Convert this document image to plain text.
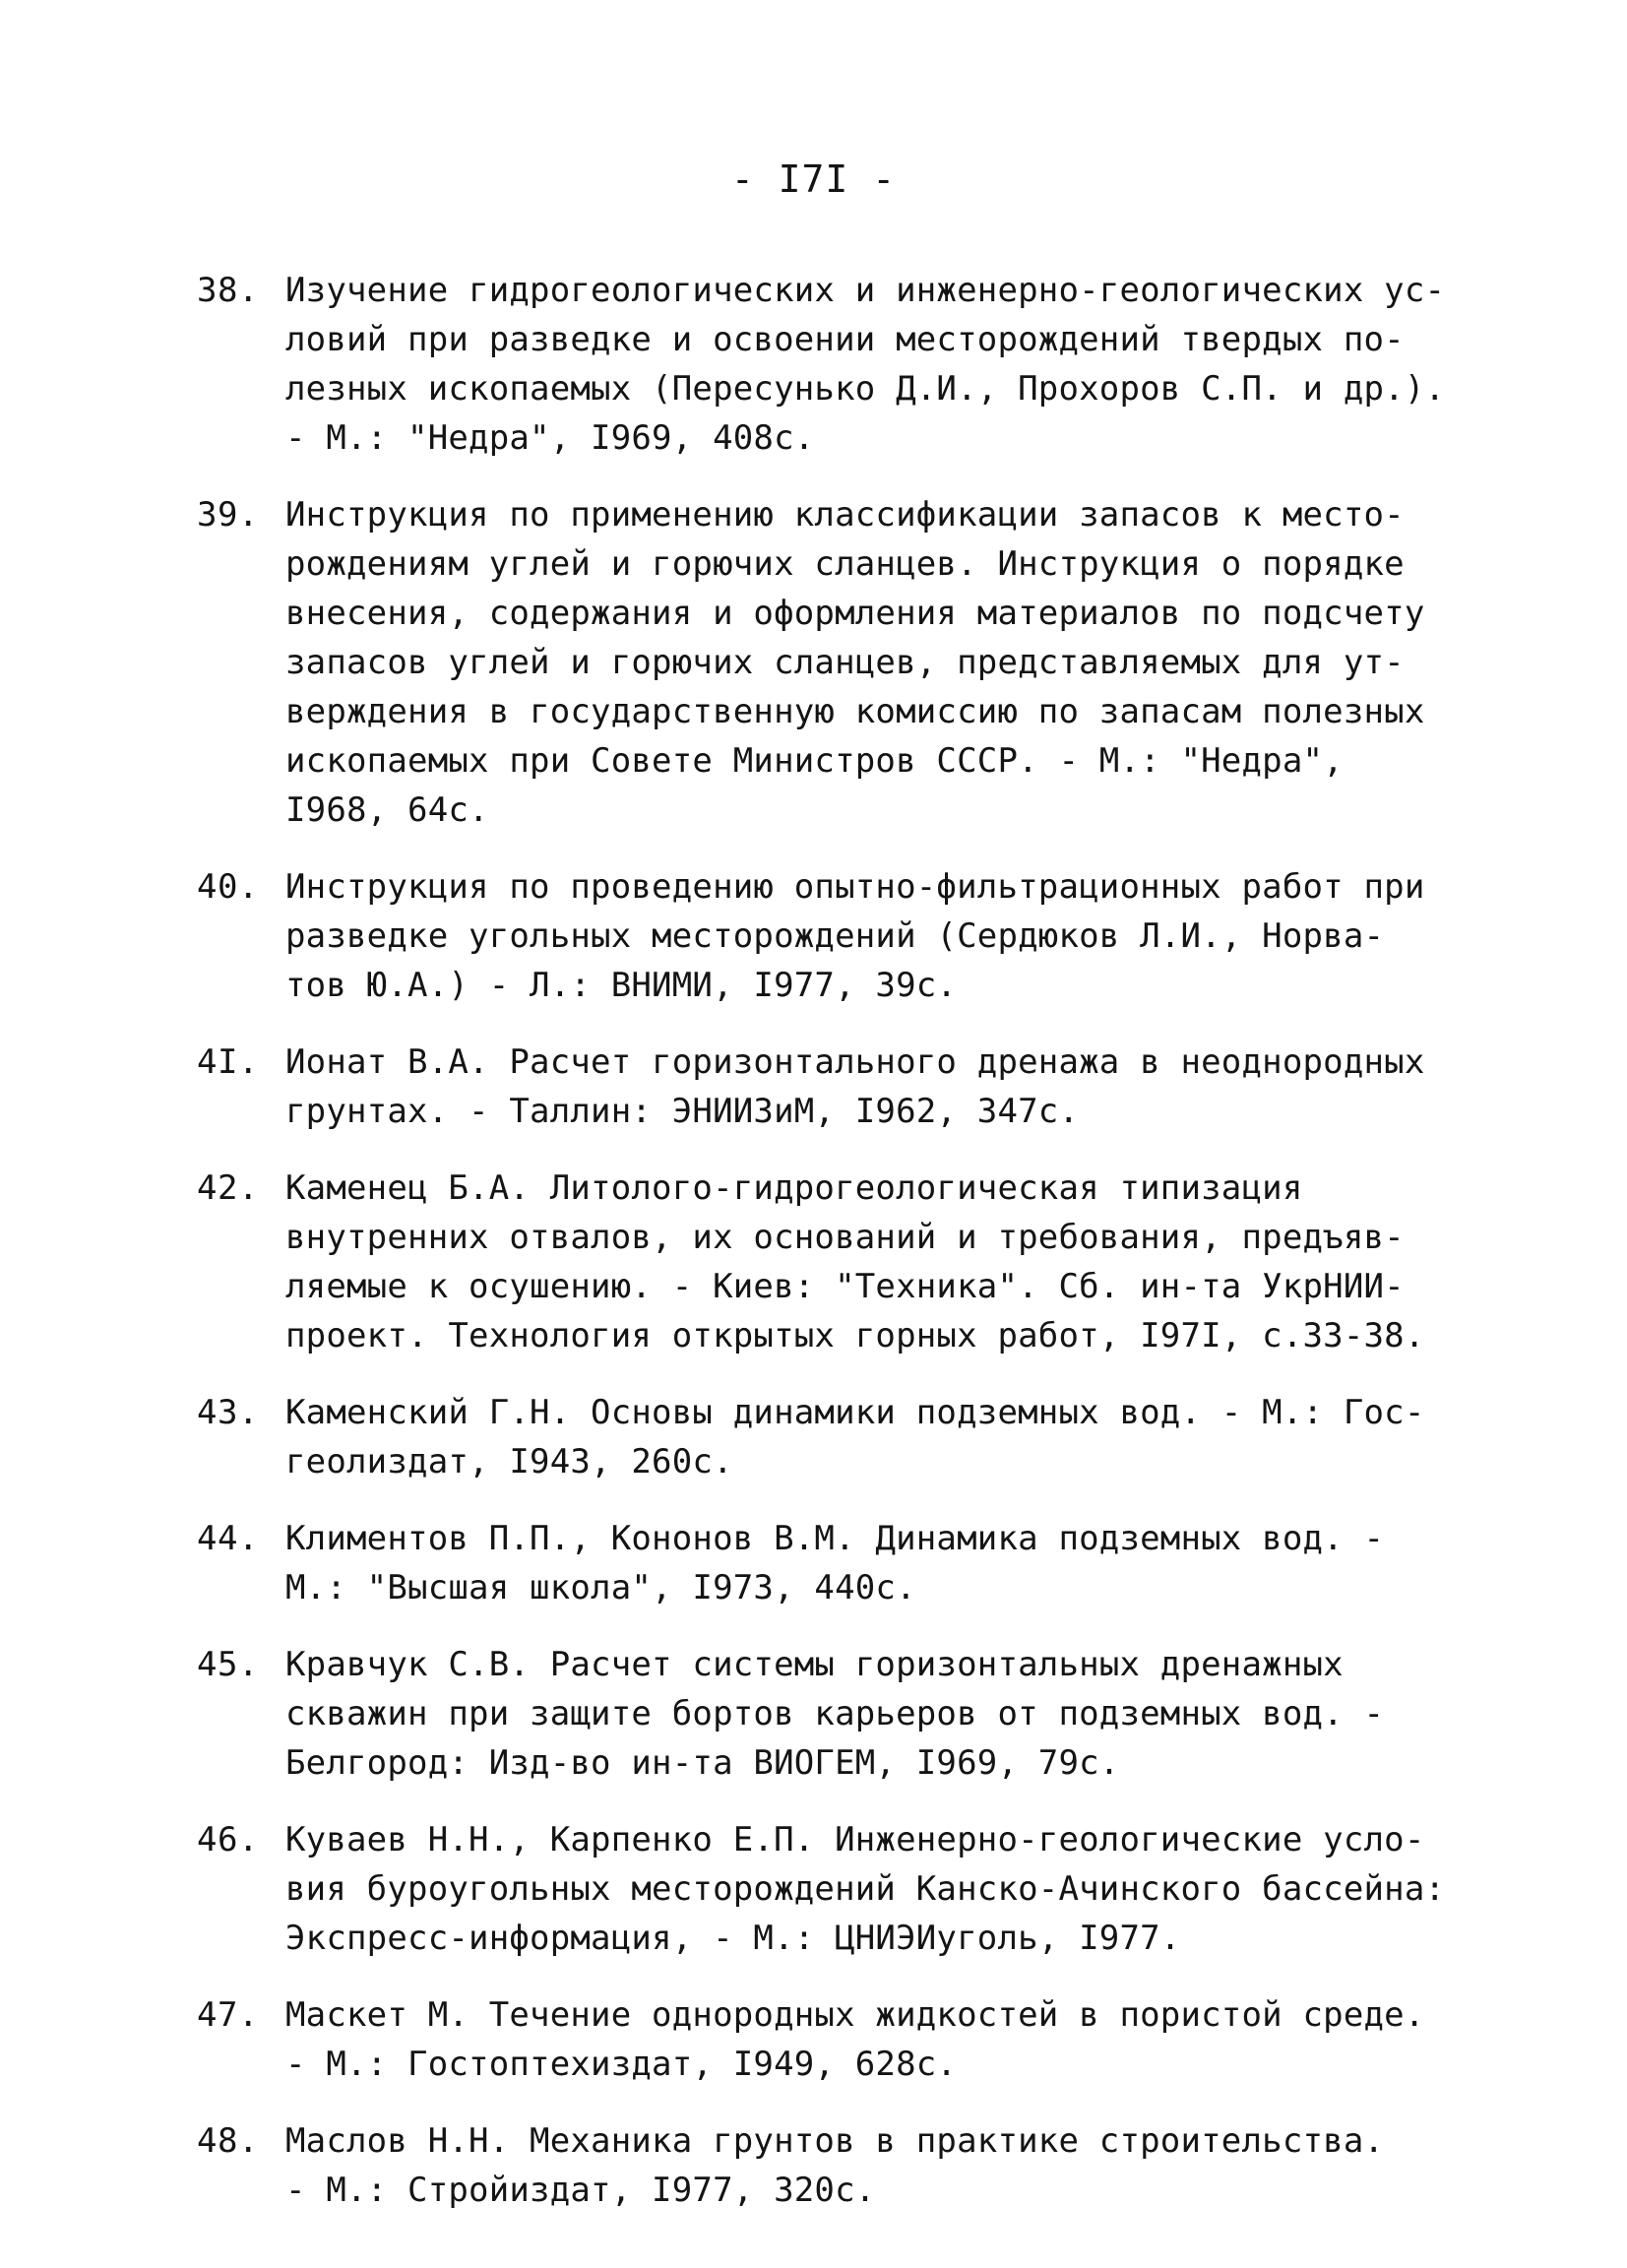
- I7I -
38. Изучение гидрогеологических и инженерно-геологических ус-
ловий при разведке и освоении месторождений твердых по-
лезных ископаемых (Пересунько Д.И., Прохоров С.П. и др.).
- М.: "Недра", I969, 408с.
39. Инструкция по применению классификации запасов к место-
рождениям углей и горючих сланцев. Инструкция о порядке
внесения, содержания и оформления материалов по подсчету
запасов углей и горючих сланцев, представляемых для ут-
верждения в государственную комиссию по запасам полезных
ископаемых при Совете Министров СССР. - М.: "Недра",
I968, 64с.
40. Инструкция по проведению опытно-фильтрационных работ при
разведке угольных месторождений (Сердюков Л.И., Норва-
тов Ю.А.) - Л.: ВНИМИ, I977, 39с.
4I. Ионат В.А. Расчет горизонтального дренажа в неоднородных
грунтах. - Таллин: ЭНИИЗиМ, I962, 347с.
42. Каменец Б.А. Литолого-гидрогеологическая типизация
внутренних отвалов, их оснований и требования, предъяв-
ляемые к осушению. - Киев: "Техника". Сб. ин-та УкрНИИ-
проект. Технология открытых горных работ, I97I, с.33-38.
43. Каменский Г.Н. Основы динамики подземных вод. - М.: Гос-
геолиздат, I943, 260с.
44. Климентов П.П., Кононов В.М. Динамика подземных вод. -
М.: "Высшая школа", I973, 440с.
45. Кравчук С.В. Расчет системы горизонтальных дренажных
скважин при защите бортов карьеров от подземных вод. -
Белгород: Изд-во ин-та ВИОГЕМ, I969, 79с.
46. Куваев Н.Н., Карпенко Е.П. Инженерно-геологические усло-
вия буроугольных месторождений Канско-Ачинского бассейна:
Экспресс-информация, - М.: ЦНИЭИуголь, I977.
47. Маскет М. Течение однородных жидкостей в пористой среде.
- М.: Гостоптехиздат, I949, 628с.
48. Маслов Н.Н. Механика грунтов в практике строительства.
- М.: Стройиздат, I977, 320с.
